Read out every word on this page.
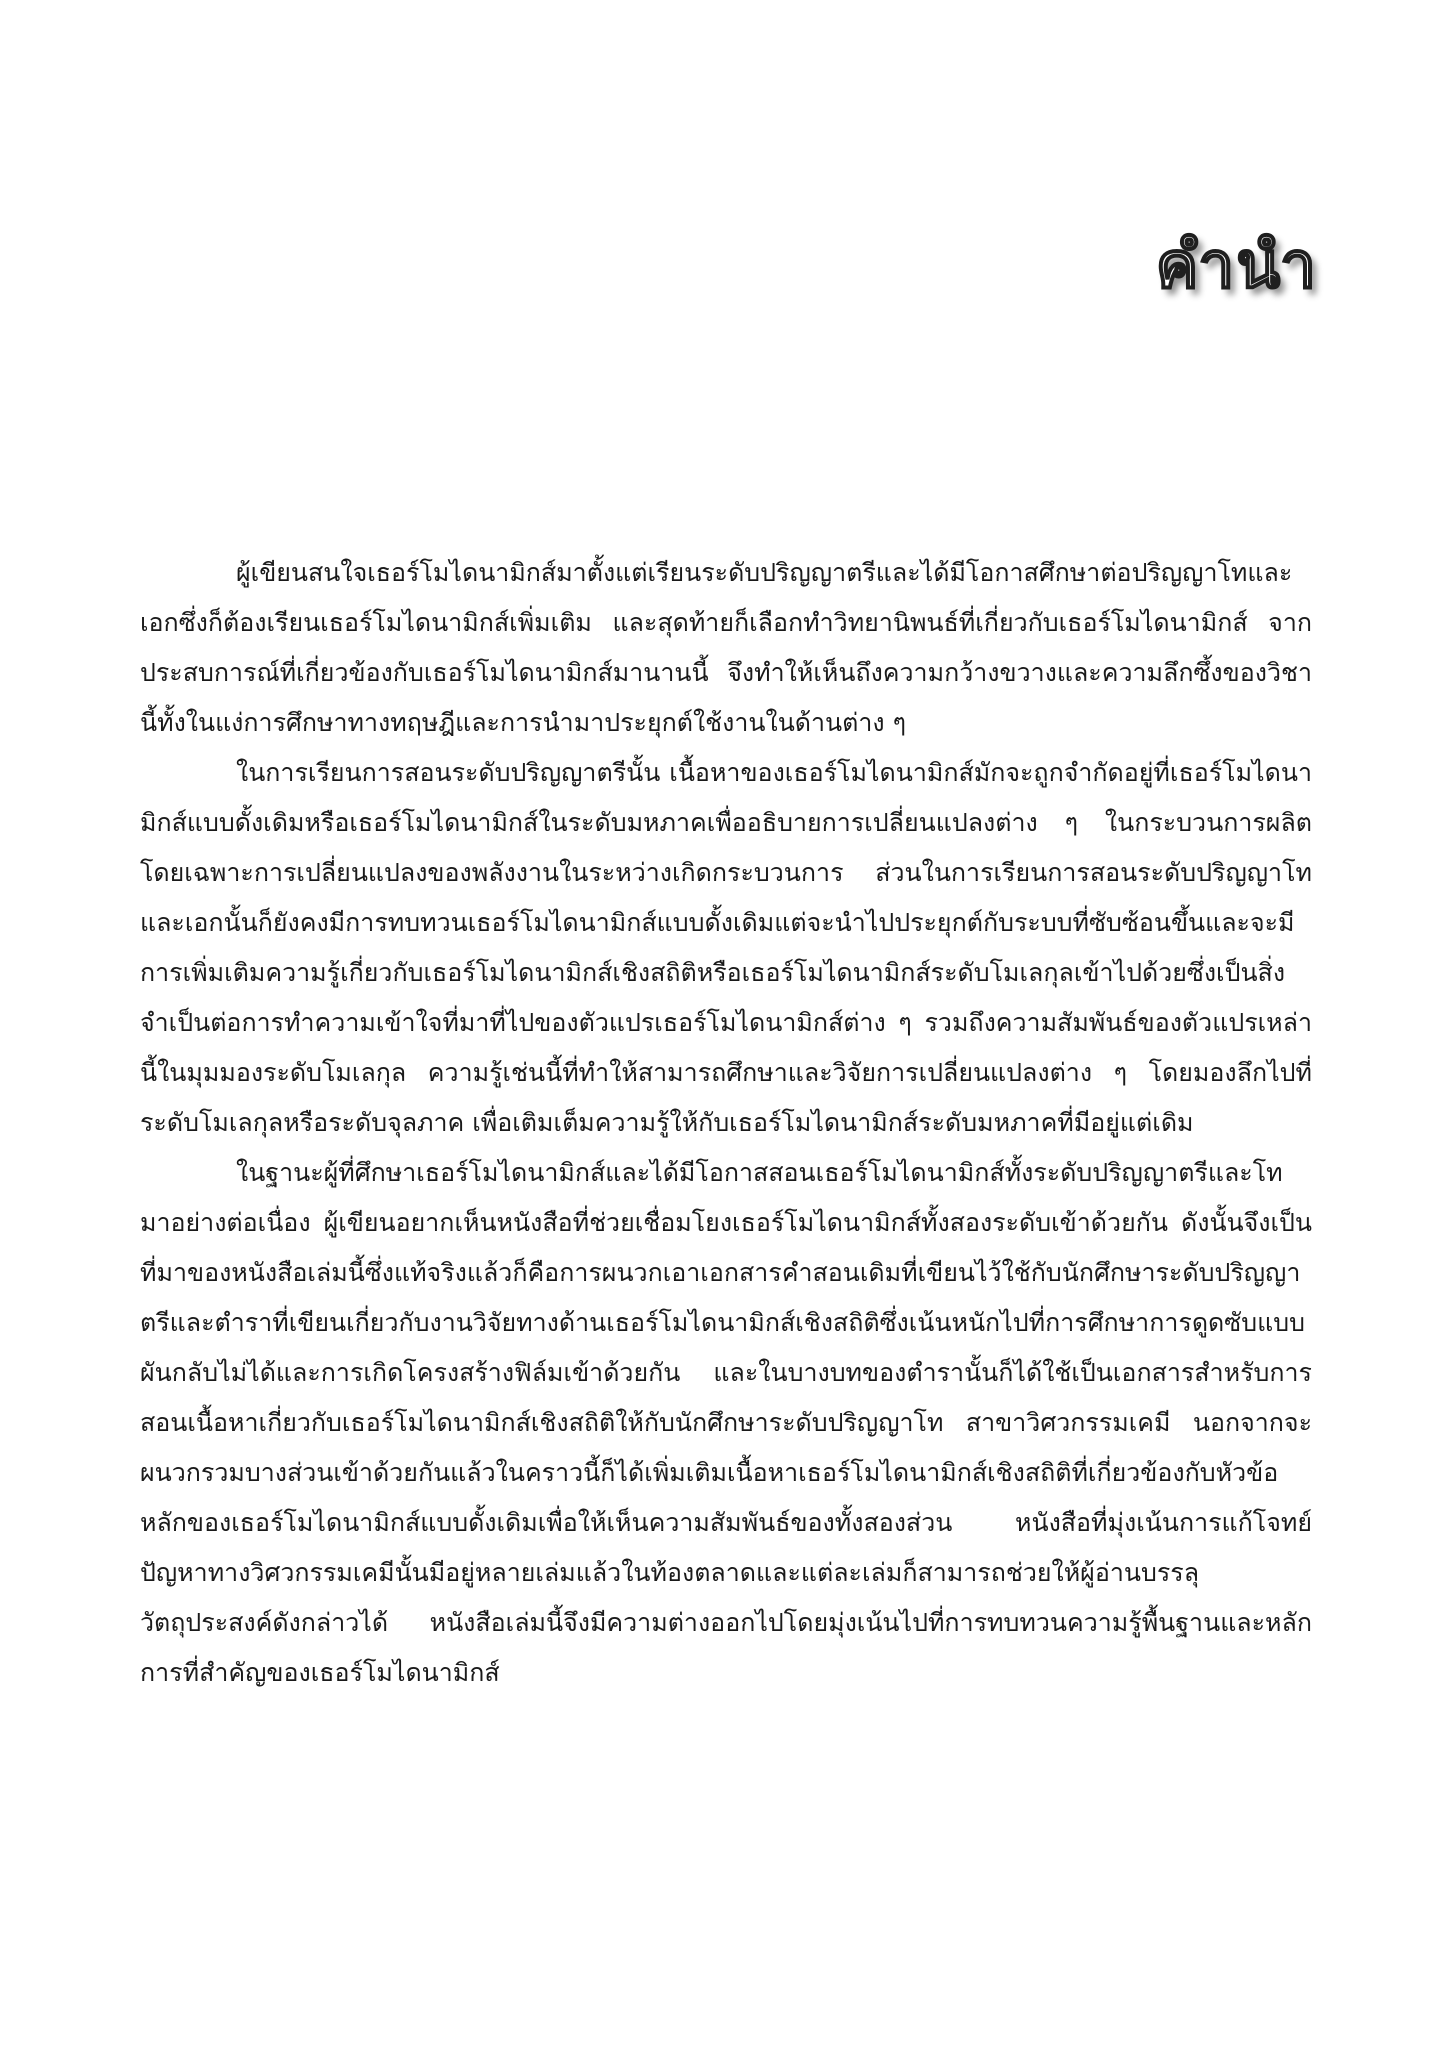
คำนำ

ผู้เขียนสนใจเธอร์โมไดนามิกส์มาตั้งแต่เรียนระดับปริญญาตรีและได้มีโอกาสศึกษาต่อปริญญาโทและเอกซึ่งก็ต้องเรียนเธอร์โมไดนามิกส์เพิ่มเติม และสุดท้ายก็เลือกทำวิทยานิพนธ์ที่เกี่ยวกับเธอร์โมไดนามิกส์ จากประสบการณ์ที่เกี่ยวข้องกับเธอร์โมไดนามิกส์มานานนี้ จึงทำให้เห็นถึงความกว้างขวางและความลึกซึ้งของวิชานี้ทั้งในแง่การศึกษาทางทฤษฎีและการนำมาประยุกต์ใช้งานในด้านต่าง ๆ

ในการเรียนการสอนระดับปริญญาตรีนั้น เนื้อหาของเธอร์โมไดนามิกส์มักจะถูกจำกัดอยู่ที่เธอร์โมไดนามิกส์แบบดั้งเดิมหรือเธอร์โมไดนามิกส์ในระดับมหภาคเพื่ออธิบายการเปลี่ยนแปลงต่าง ๆ ในกระบวนการผลิต โดยเฉพาะการเปลี่ยนแปลงของพลังงานในระหว่างเกิดกระบวนการ ส่วนในการเรียนการสอนระดับปริญญาโทและเอกนั้นก็ยังคงมีการทบทวนเธอร์โมไดนามิกส์แบบดั้งเดิมแต่จะนำไปประยุกต์กับระบบที่ซับซ้อนขึ้นและจะมีการเพิ่มเติมความรู้เกี่ยวกับเธอร์โมไดนามิกส์เชิงสถิติหรือเธอร์โมไดนามิกส์ระดับโมเลกุลเข้าไปด้วยซึ่งเป็นสิ่งจำเป็นต่อการทำความเข้าใจที่มาที่ไปของตัวแปรเธอร์โมไดนามิกส์ต่าง ๆ รวมถึงความสัมพันธ์ของตัวแปรเหล่านี้ในมุมมองระดับโมเลกุล ความรู้เช่นนี้ที่ทำให้สามารถศึกษาและวิจัยการเปลี่ยนแปลงต่าง ๆ โดยมองลึกไปที่ระดับโมเลกุลหรือระดับจุลภาค เพื่อเติมเต็มความรู้ให้กับเธอร์โมไดนามิกส์ระดับมหภาคที่มีอยู่แต่เดิม

ในฐานะผู้ที่ศึกษาเธอร์โมไดนามิกส์และได้มีโอกาสสอนเธอร์โมไดนามิกส์ทั้งระดับปริญญาตรีและโทมาอย่างต่อเนื่อง ผู้เขียนอยากเห็นหนังสือที่ช่วยเชื่อมโยงเธอร์โมไดนามิกส์ทั้งสองระดับเข้าด้วยกัน ดังนั้นจึงเป็นที่มาของหนังสือเล่มนี้ซึ่งแท้จริงแล้วก็คือการผนวกเอาเอกสารคำสอนเดิมที่เขียนไว้ใช้กับนักศึกษาระดับปริญญาตรีและตำราที่เขียนเกี่ยวกับงานวิจัยทางด้านเธอร์โมไดนามิกส์เชิงสถิติซึ่งเน้นหนักไปที่การศึกษาการดูดซับแบบผันกลับไม่ได้และการเกิดโครงสร้างฟิล์มเข้าด้วยกัน และในบางบทของตำรานั้นก็ได้ใช้เป็นเอกสารสำหรับการสอนเนื้อหาเกี่ยวกับเธอร์โมไดนามิกส์เชิงสถิติให้กับนักศึกษาระดับปริญญาโท สาขาวิศวกรรมเคมี นอกจากจะผนวกรวมบางส่วนเข้าด้วยกันแล้วในคราวนี้ก็ได้เพิ่มเติมเนื้อหาเธอร์โมไดนามิกส์เชิงสถิติที่เกี่ยวข้องกับหัวข้อหลักของเธอร์โมไดนามิกส์แบบดั้งเดิมเพื่อให้เห็นความสัมพันธ์ของทั้งสองส่วน หนังสือที่มุ่งเน้นการแก้โจทย์ปัญหาทางวิศวกรรมเคมีนั้นมีอยู่หลายเล่มแล้วในท้องตลาดและแต่ละเล่มก็สามารถช่วยให้ผู้อ่านบรรลุวัตถุประสงค์ดังกล่าวได้ หนังสือเล่มนี้จึงมีความต่างออกไปโดยมุ่งเน้นไปที่การทบทวนความรู้พื้นฐานและหลักการที่สำคัญของเธอร์โมไดนามิกส์
